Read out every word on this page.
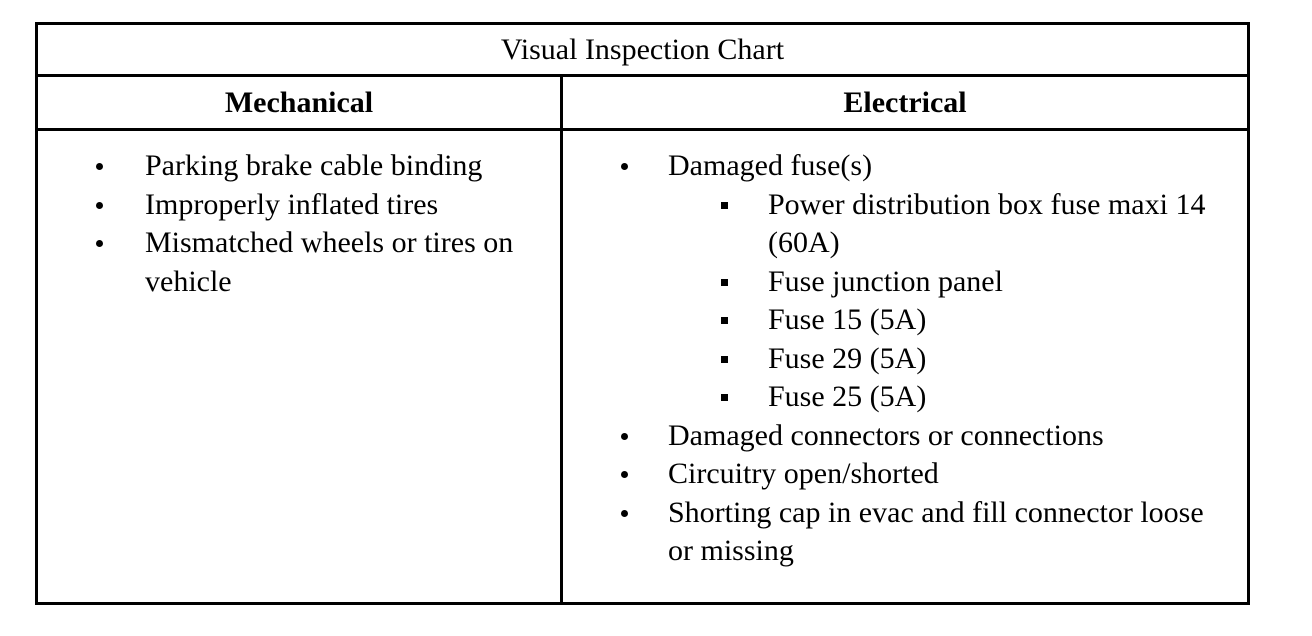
Visual Inspection Chart
Mechanical	Electrical
Parking brake cable binding
Improperly inflated tires
Mismatched wheels or tires on vehicle
Damaged fuse(s)
Power distribution box fuse maxi 14 (60A)
Fuse junction panel
Fuse 15 (5A)
Fuse 29 (5A)
Fuse 25 (5A)
Damaged connectors or connections
Circuitry open/shorted
Shorting cap in evac and fill connector loose or missing
